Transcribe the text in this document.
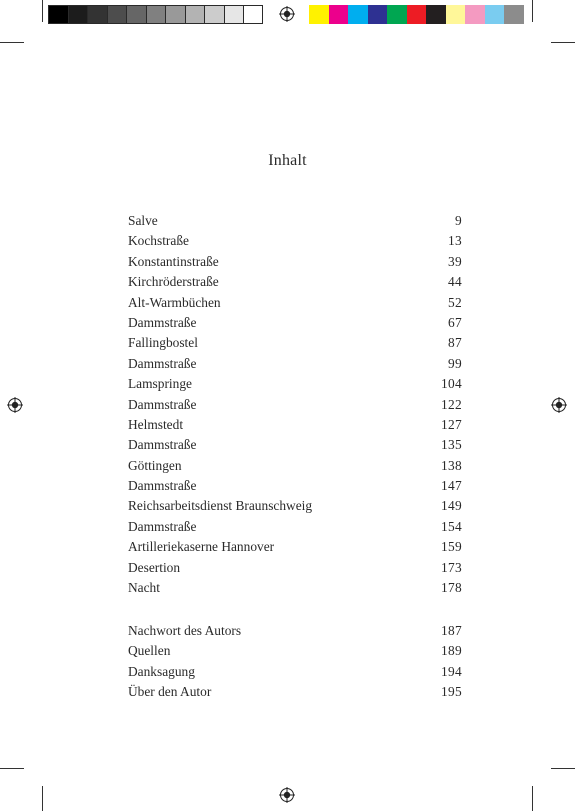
Inhalt
Salve	9
Kochstraße	13
Konstantinstraße	39
Kirchröderstraße	44
Alt-Warmbüchen	52
Dammstraße	67
Fallingbostel	87
Dammstraße	99
Lamspringe	104
Dammstraße	122
Helmstedt	127
Dammstraße	135
Göttingen	138
Dammstraße	147
Reichsarbeitsdienst Braunschweig	149
Dammstraße	154
Artilleriekaserne Hannover	159
Desertion	173
Nacht	178
Nachwort des Autors	187
Quellen	189
Danksagung	194
Über den Autor	195
